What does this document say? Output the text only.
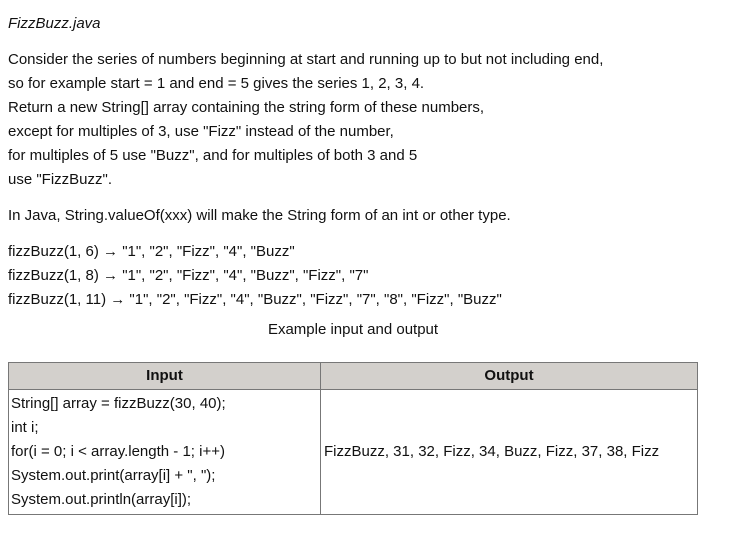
FizzBuzz.java
Consider the series of numbers beginning at start and running up to but not including end,
so for example start = 1 and end = 5 gives the series 1, 2, 3, 4.
Return a new String[] array containing the string form of these numbers,
except for multiples of 3, use "Fizz" instead of the number,
for multiples of 5 use "Buzz", and for multiples of both 3 and 5
use "FizzBuzz".
In Java, String.valueOf(xxx) will make the String form of an int or other type.
fizzBuzz(1, 6) → "1", "2", "Fizz", "4", "Buzz"
fizzBuzz(1, 8) → "1", "2", "Fizz", "4", "Buzz", "Fizz", "7"
fizzBuzz(1, 11) → "1", "2", "Fizz", "4", "Buzz", "Fizz", "7", "8", "Fizz", "Buzz"
Example input and output
Input	Output

String[] array = fizzBuzz(30, 40);
int i;
for(i = 0; i < array.length - 1; i++)
System.out.print(array[i] + ", ");
System.out.println(array[i]);	FizzBuzz, 31, 32, Fizz, 34, Buzz, Fizz, 37, 38, Fizz
